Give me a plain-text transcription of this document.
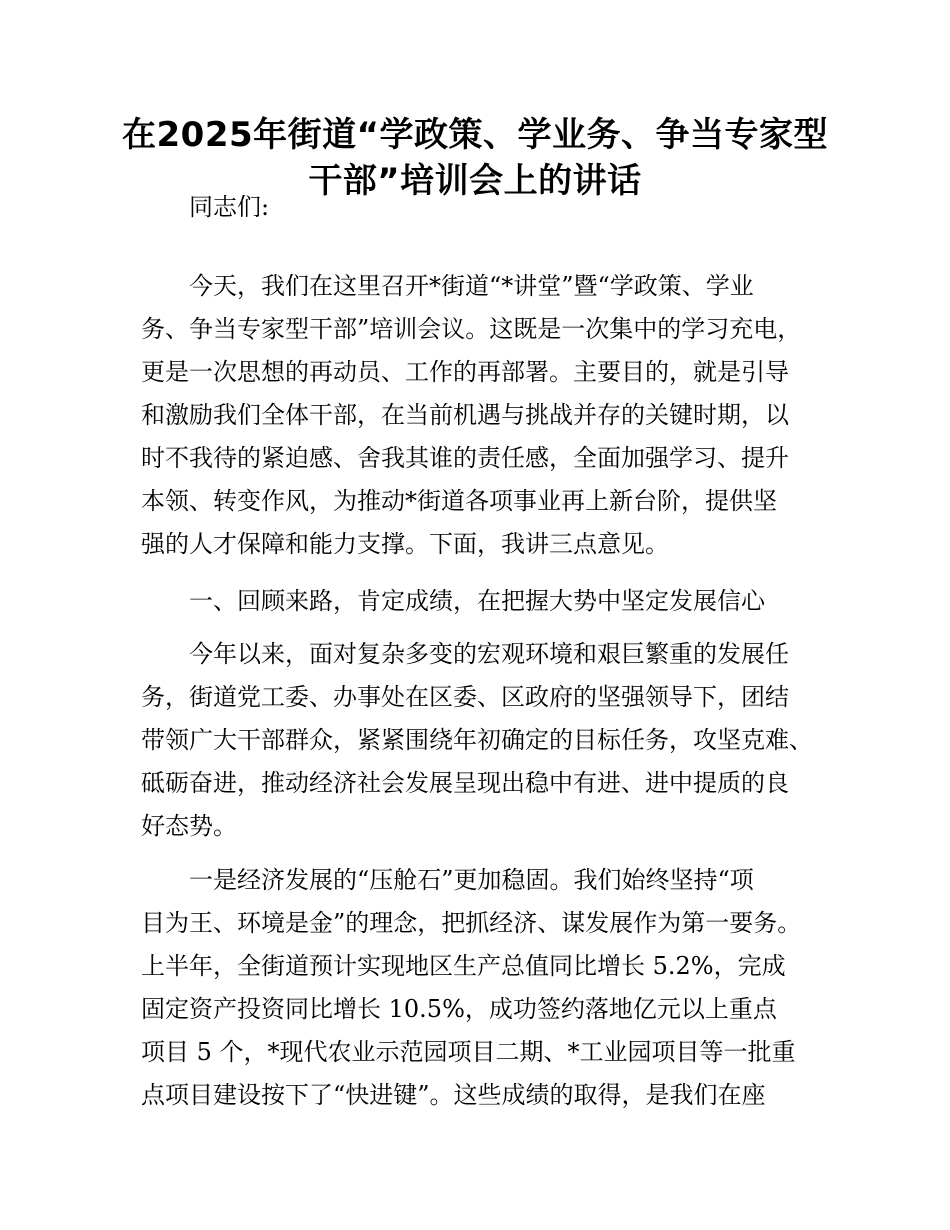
在2025年街道“学政策、学业务、争当专家型
干部”培训会上的讲话
同志们:
今天，我们在这里召开*街道“*讲堂”暨“学政策、学业
务、争当专家型干部”培训会议。这既是一次集中的学习充电，
更是一次思想的再动员、工作的再部署。主要目的，就是引导
和激励我们全体干部，在当前机遇与挑战并存的关键时期，以
时不我待的紧迫感、舍我其谁的责任感，全面加强学习、提升
本领、转变作风，为推动*街道各项事业再上新台阶，提供坚
强的人才保障和能力支撑。下面，我讲三点意见。
一、回顾来路，肯定成绩，在把握大势中坚定发展信心
今年以来，面对复杂多变的宏观环境和艰巨繁重的发展任
务，街道党工委、办事处在区委、区政府的坚强领导下，团结
带领广大干部群众，紧紧围绕年初确定的目标任务，攻坚克难、
砥砺奋进，推动经济社会发展呈现出稳中有进、进中提质的良
好态势。
一是经济发展的“压舱石”更加稳固。我们始终坚持“项
目为王、环境是金”的理念，把抓经济、谋发展作为第一要务。
上半年，全街道预计实现地区生产总值同比增长 5.2%，完成
固定资产投资同比增长 10.5%，成功签约落地亿元以上重点
项目 5 个，*现代农业示范园项目二期、*工业园项目等一批重
点项目建设按下了“快进键”。这些成绩的取得，是我们在座
